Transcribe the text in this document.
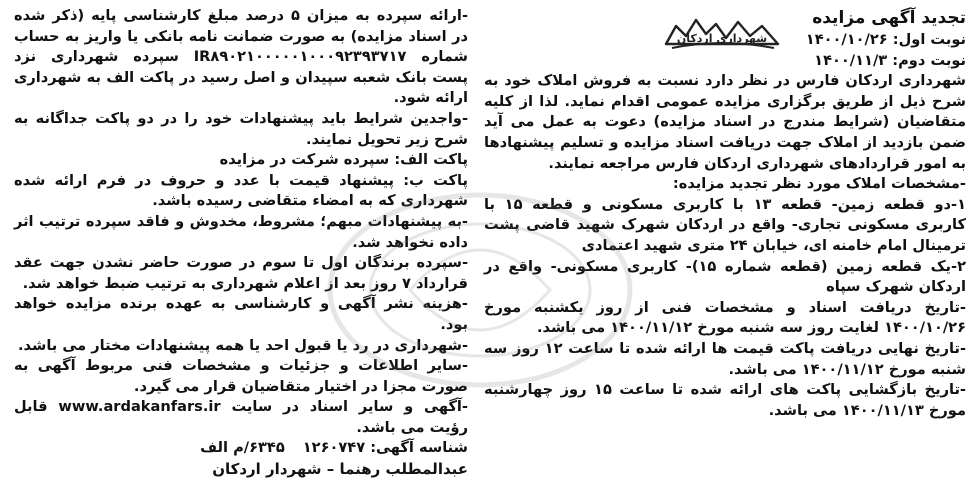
تجدید آگهی مزایده

نوبت اول: ۱۴۰۰/۱۰/۲۶

نوبت دوم: ۱۴۰۰/۱۱/۳

شهرداری اردکان

شهرداری اردکان فارس در نظر دارد نسبت به فروش املاک خود به شرح ذیل از طریق برگزاری مزایده عمومی اقدام نماید. لذا از کلیه متقاضیان (شرایط مندرج در اسناد مزایده) دعوت به عمل می آید ضمن بازدید از املاک جهت دریافت اسناد مزایده و تسلیم پیشنهادها به امور قراردادهای شهرداری اردکان فارس مراجعه نمایند.

-مشخصات املاک مورد نظر تجدید مزایده:

۱-دو قطعه زمین- قطعه ۱۳ با کاربری مسکونی و قطعه ۱۵ با کاربری مسکونی تجاری- واقع در اردکان شهرک شهید قاضی پشت ترمینال امام خامنه ای، خیابان ۲۴ متری شهید اعتمادی

۲-یک قطعه زمین (قطعه شماره ۱۵)- کاربری مسکونی- واقع در اردکان شهرک سپاه

-تاریخ دریافت اسناد و مشخصات فنی از روز یکشنبه مورخ ۱۴۰۰/۱۰/۲۶ لغایت روز سه شنبه مورخ ۱۴۰۰/۱۱/۱۲ می باشد.

-تاریخ نهایی دریافت پاکت قیمت ها ارائه شده تا ساعت ۱۲ روز سه شنبه مورخ ۱۴۰۰/۱۱/۱۲ می باشد.

-تاریخ بازگشایی پاکت های ارائه شده تا ساعت ۱۵ روز چهارشنبه مورخ ۱۴۰۰/۱۱/۱۳ می باشد.

-ارائه سپرده به میزان ۵ درصد مبلغ کارشناسی پایه (ذکر شده در اسناد مزایده) به صورت ضمانت نامه بانکی یا واریز به حساب شماره IR۸۹۰۲۱۰۰۰۰۰۱۰۰۰۹۲۳۹۳۷۱۷ سپرده شهرداری نزد پست بانک شعبه سپیدان و اصل رسید در پاکت الف به شهرداری ارائه شود.

-واجدین شرایط باید پیشنهادات خود را در دو پاکت جداگانه به شرح زیر تحویل نمایند.

پاکت الف: سپرده شرکت در مزایده

پاکت ب: پیشنهاد قیمت با عدد و حروف در فرم ارائه شده شهرداری که به امضاء متقاضی رسیده باشد.

-به پیشنهادات مبهم؛ مشروط، مخدوش و فاقد سپرده ترتیب اثر داده نخواهد شد.

-سپرده برندگان اول تا سوم در صورت حاضر نشدن جهت عقد قرارداد ۷ روز بعد از اعلام شهرداری به ترتیب ضبط خواهد شد.

-هزینه نشر آگهی و کارشناسی به عهده برنده مزایده خواهد بود.

-شهرداری در رد یا قبول احد یا همه پیشنهادات مختار می باشد.

-سایر اطلاعات و جزئیات و مشخصات فنی مربوط آگهی به صورت مجزا در اختیار متقاضیان قرار می گیرد.

-آگهی و سایر اسناد در سایت www.ardakanfars.ir قابل رؤیت می باشد.

شناسه آگهی: ۱۲۶۰۷۴۷
۶۳۴۵/م الف

عبدالمطلب رهنما – شهردار اردکان
